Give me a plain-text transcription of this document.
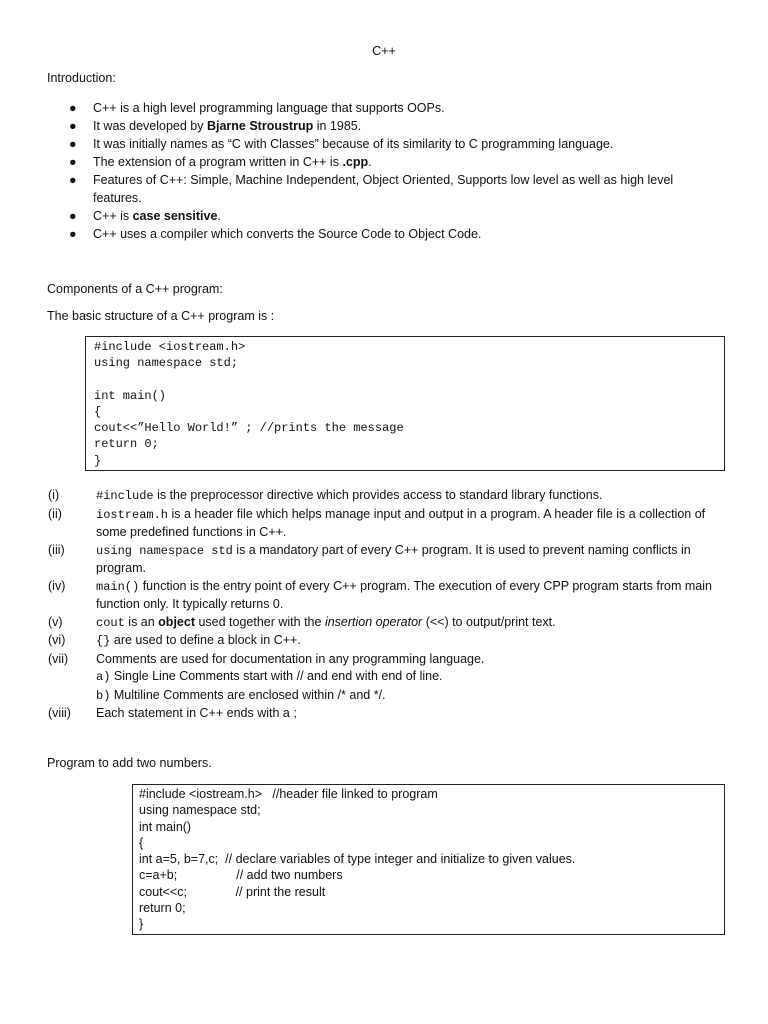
C++
Introduction:
● C++ is a high level programming language that supports OOPs.
● It was developed by Bjarne Stroustrup in 1985.
● It was initially names as “C with Classes” because of its similarity to C programming language.
● The extension of a program written in C++ is .cpp.
● Features of C++: Simple, Machine Independent, Object Oriented, Supports low level as well as high level features.
● C++ is case sensitive.
● C++ uses a compiler which converts the Source Code to Object Code.
Components of a C++ program:
The basic structure of a C++ program is :
#include <iostream.h>
using namespace std;
int main()
{
cout<<”Hello World!” ; //prints the message
return 0;
}
(i)	#include is the preprocessor directive which provides access to standard library functions.
(ii)	iostream.h is a header file which helps manage input and output in a program. A header file is a collection of some predefined functions in C++.
(iii)	using namespace std is a mandatory part of every C++ program. It is used to prevent naming conflicts in program.
(iv)	main() function is the entry point of every C++ program. The execution of every CPP program starts from main function only. It typically returns 0.
(v)	cout is an object used together with the insertion operator (<<) to output/print text.
(vi)	{} are used to define a block in C++.
(vii) Comments are used for documentation in any programming language.
a) Single Line Comments start with // and end with end of line.
b) Multiline Comments are enclosed within /* and */.
(viii) Each statement in C++ ends with a ;
Program to add two numbers.
#include <iostream.h>   //header file linked to program
using namespace std;
int main()
{
int a=5, b=7,c;  // declare variables of type integer and initialize to given values.
c=a+b;                 // add two numbers
cout<<c;              // print the result
return 0;
}
